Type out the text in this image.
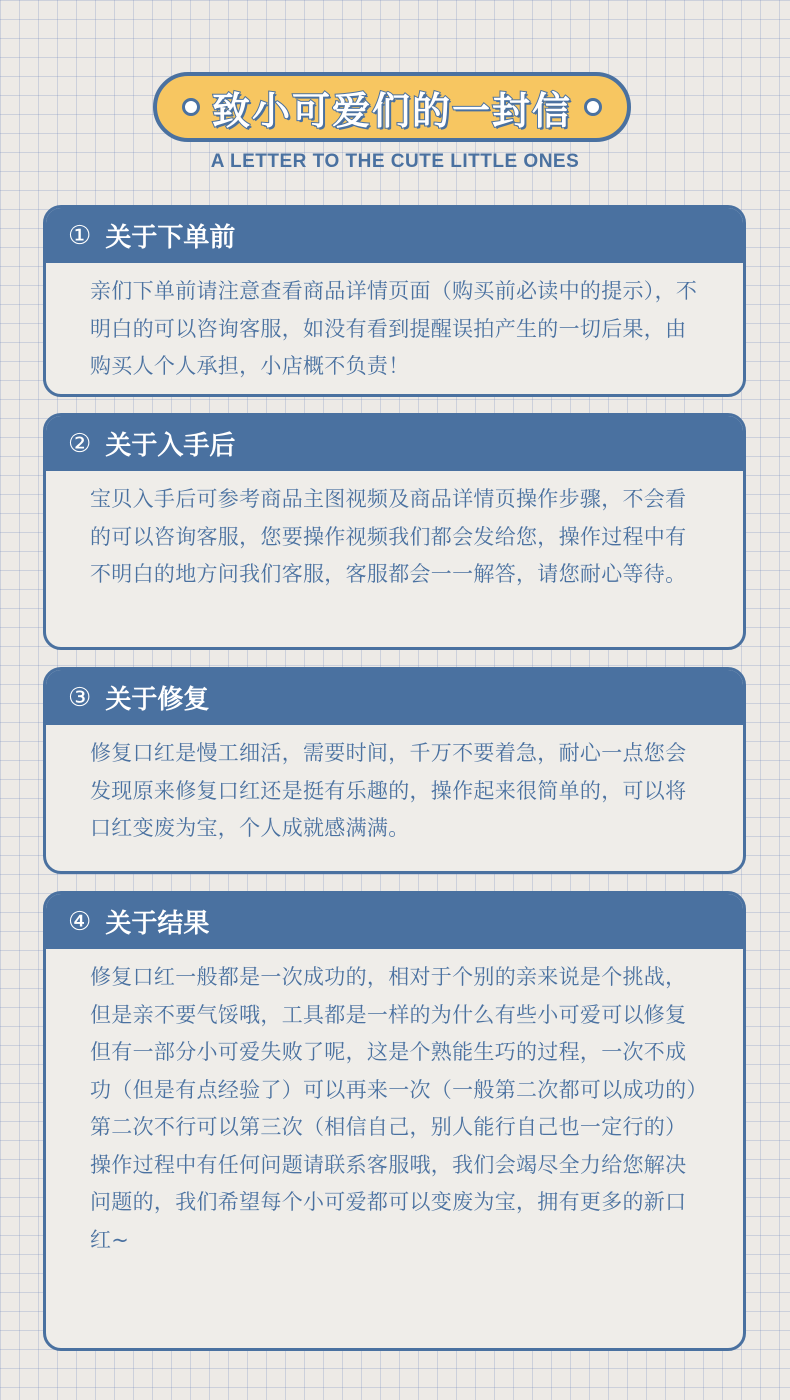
致小可爱们的一封信
A LETTER TO THE CUTE LITTLE ONES
① 关于下单前
亲们下单前请注意查看商品详情页面（购买前必读中的提示），不明白的可以咨询客服，如没有看到提醒误拍产生的一切后果，由购买人个人承担，小店概不负责！
② 关于入手后
宝贝入手后可参考商品主图视频及商品详情页操作步骤，不会看的可以咨询客服，您要操作视频我们都会发给您，操作过程中有不明白的地方问我们客服，客服都会一一解答，请您耐心等待。
③ 关于修复
修复口红是慢工细活，需要时间，千万不要着急，耐心一点您会发现原来修复口红还是挺有乐趣的，操作起来很简单的，可以将口红变废为宝，个人成就感满满。
④ 关于结果
修复口红一般都是一次成功的，相对于个别的亲来说是个挑战，但是亲不要气馁哦，工具都是一样的为什么有些小可爱可以修复但有一部分小可爱失败了呢，这是个熟能生巧的过程，一次不成功（但是有点经验了）可以再来一次（一般第二次都可以成功的）第二次不行可以第三次（相信自己，别人能行自己也一定行的）操作过程中有任何问题请联系客服哦，我们会竭尽全力给您解决问题的，我们希望每个小可爱都可以变废为宝，拥有更多的新口红~
